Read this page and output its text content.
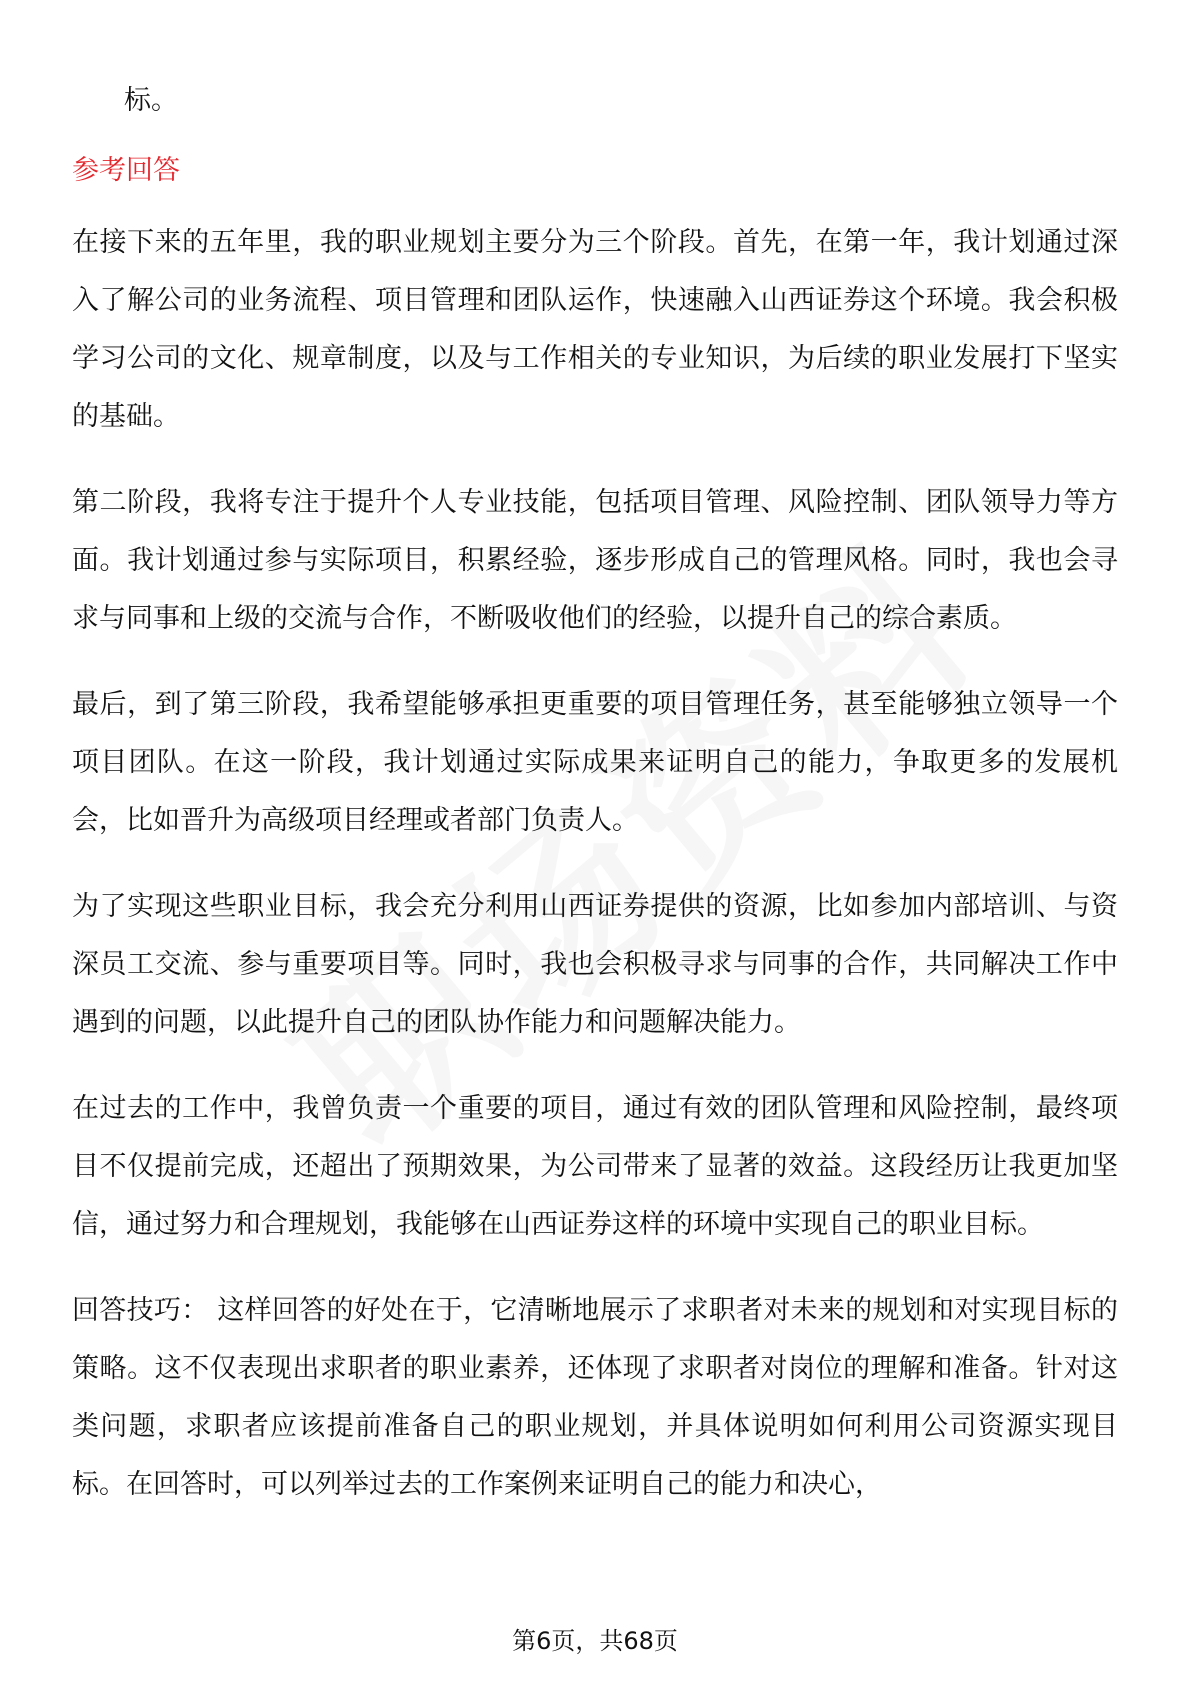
标。

参考回答

在接下来的五年里，我的职业规划主要分为三个阶段。首先，在第一年，我计划通过深入了解公司的业务流程、项目管理和团队运作，快速融入山西证券这个环境。我会积极学习公司的文化、规章制度，以及与工作相关的专业知识，为后续的职业发展打下坚实的基础。

第二阶段，我将专注于提升个人专业技能，包括项目管理、风险控制、团队领导力等方面。我计划通过参与实际项目，积累经验，逐步形成自己的管理风格。同时，我也会寻求与同事和上级的交流与合作，不断吸收他们的经验，以提升自己的综合素质。

最后，到了第三阶段，我希望能够承担更重要的项目管理任务，甚至能够独立领导一个项目团队。在这一阶段，我计划通过实际成果来证明自己的能力，争取更多的发展机会，比如晋升为高级项目经理或者部门负责人。

为了实现这些职业目标，我会充分利用山西证券提供的资源，比如参加内部培训、与资深员工交流、参与重要项目等。同时，我也会积极寻求与同事的合作，共同解决工作中遇到的问题，以此提升自己的团队协作能力和问题解决能力。

在过去的工作中，我曾负责一个重要的项目，通过有效的团队管理和风险控制，最终项目不仅提前完成，还超出了预期效果，为公司带来了显著的效益。这段经历让我更加坚信，通过努力和合理规划，我能够在山西证券这样的环境中实现自己的职业目标。

回答技巧： 这样回答的好处在于，它清晰地展示了求职者对未来的规划和对实现目标的策略。这不仅表现出求职者的职业素养，还体现了求职者对岗位的理解和准备。针对这类问题，求职者应该提前准备自己的职业规划，并具体说明如何利用公司资源实现目标。在回答时，可以列举过去的工作案例来证明自己的能力和决心，

第6页，共68页
